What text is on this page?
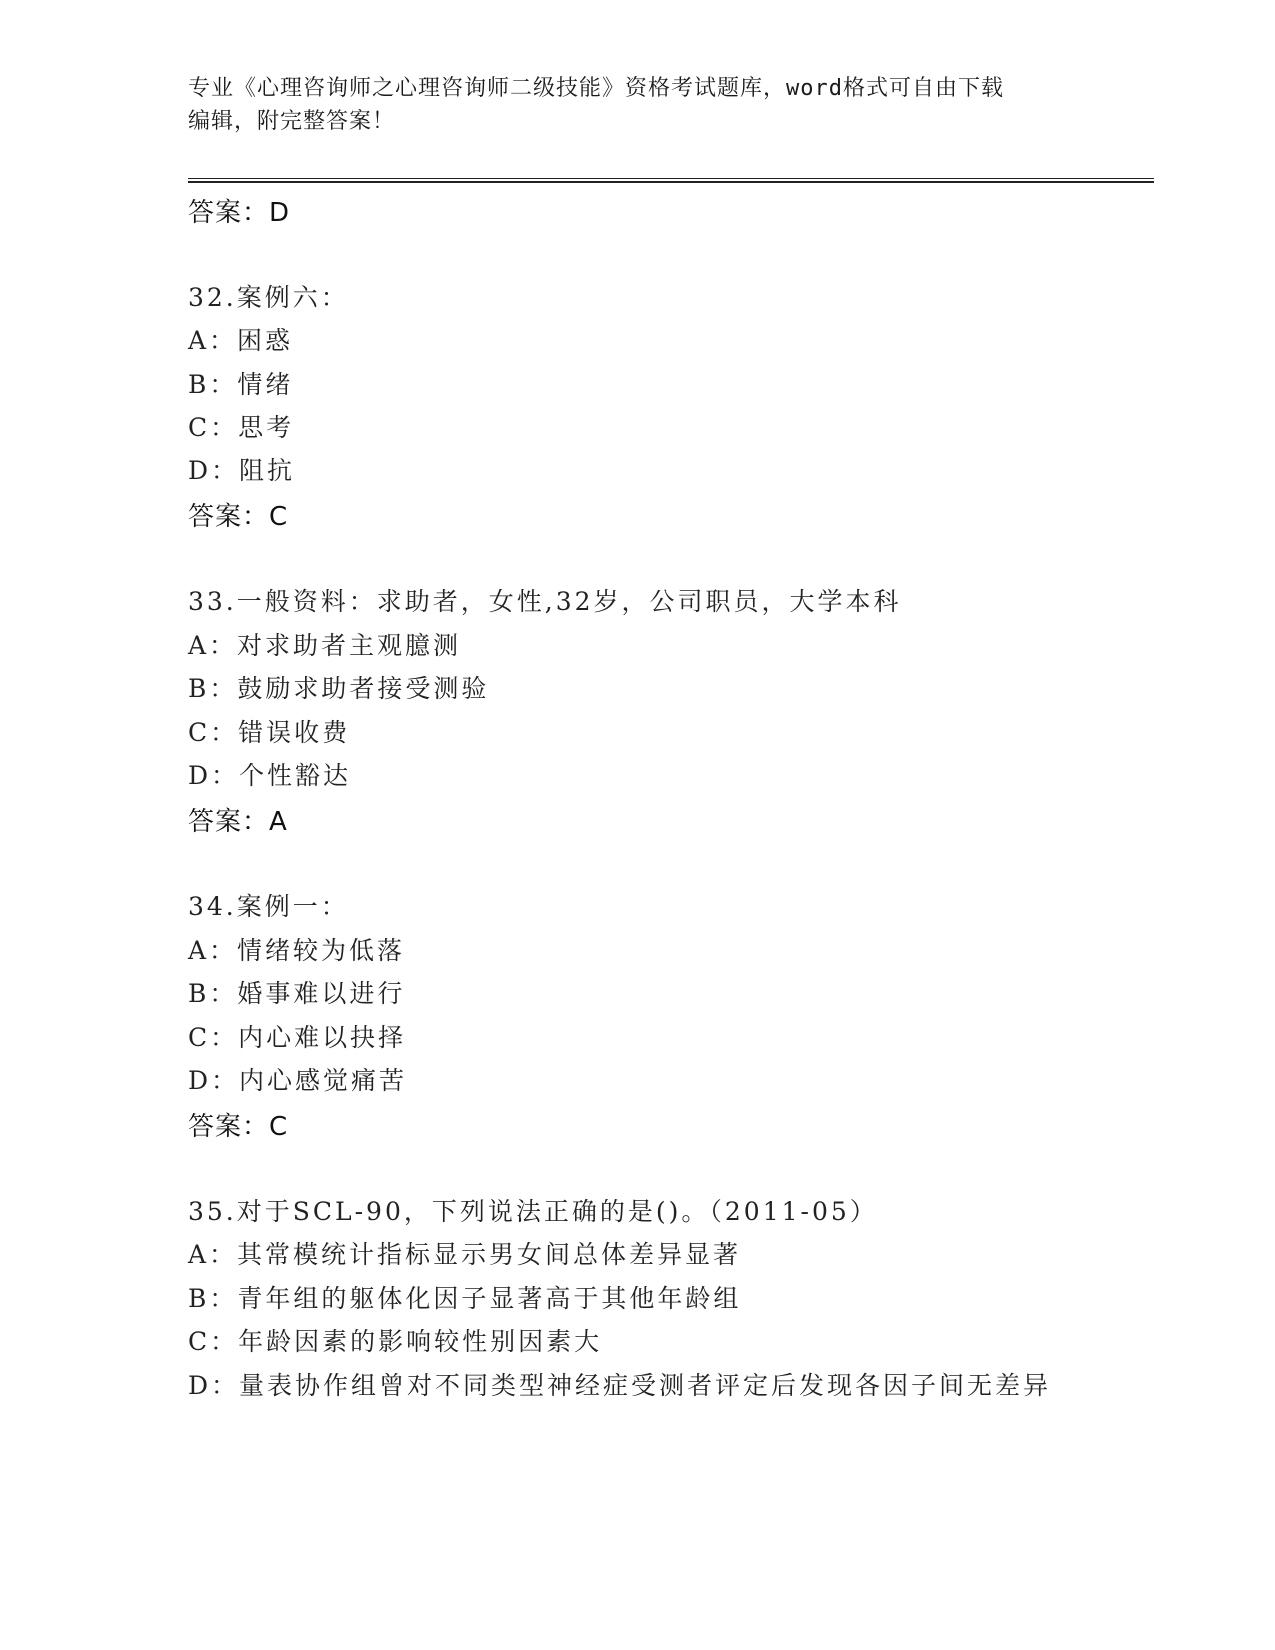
专业《心理咨询师之心理咨询师二级技能》资格考试题库，word格式可自由下载
编辑，附完整答案！
答案：D
32.案例六：
A：困惑
B：情绪
C：思考
D：阻抗
答案：C
33.一般资料：求助者，女性,32岁，公司职员，大学本科
A：对求助者主观臆测
B：鼓励求助者接受测验
C：错误收费
D：个性豁达
答案：A
34.案例一：
A：情绪较为低落
B：婚事难以进行
C：内心难以抉择
D：内心感觉痛苦
答案：C
35.对于SCL-90，下列说法正确的是()。（2011-05）
A：其常模统计指标显示男女间总体差异显著
B：青年组的躯体化因子显著高于其他年龄组
C：年龄因素的影响较性别因素大
D：量表协作组曾对不同类型神经症受测者评定后发现各因子间无差异
